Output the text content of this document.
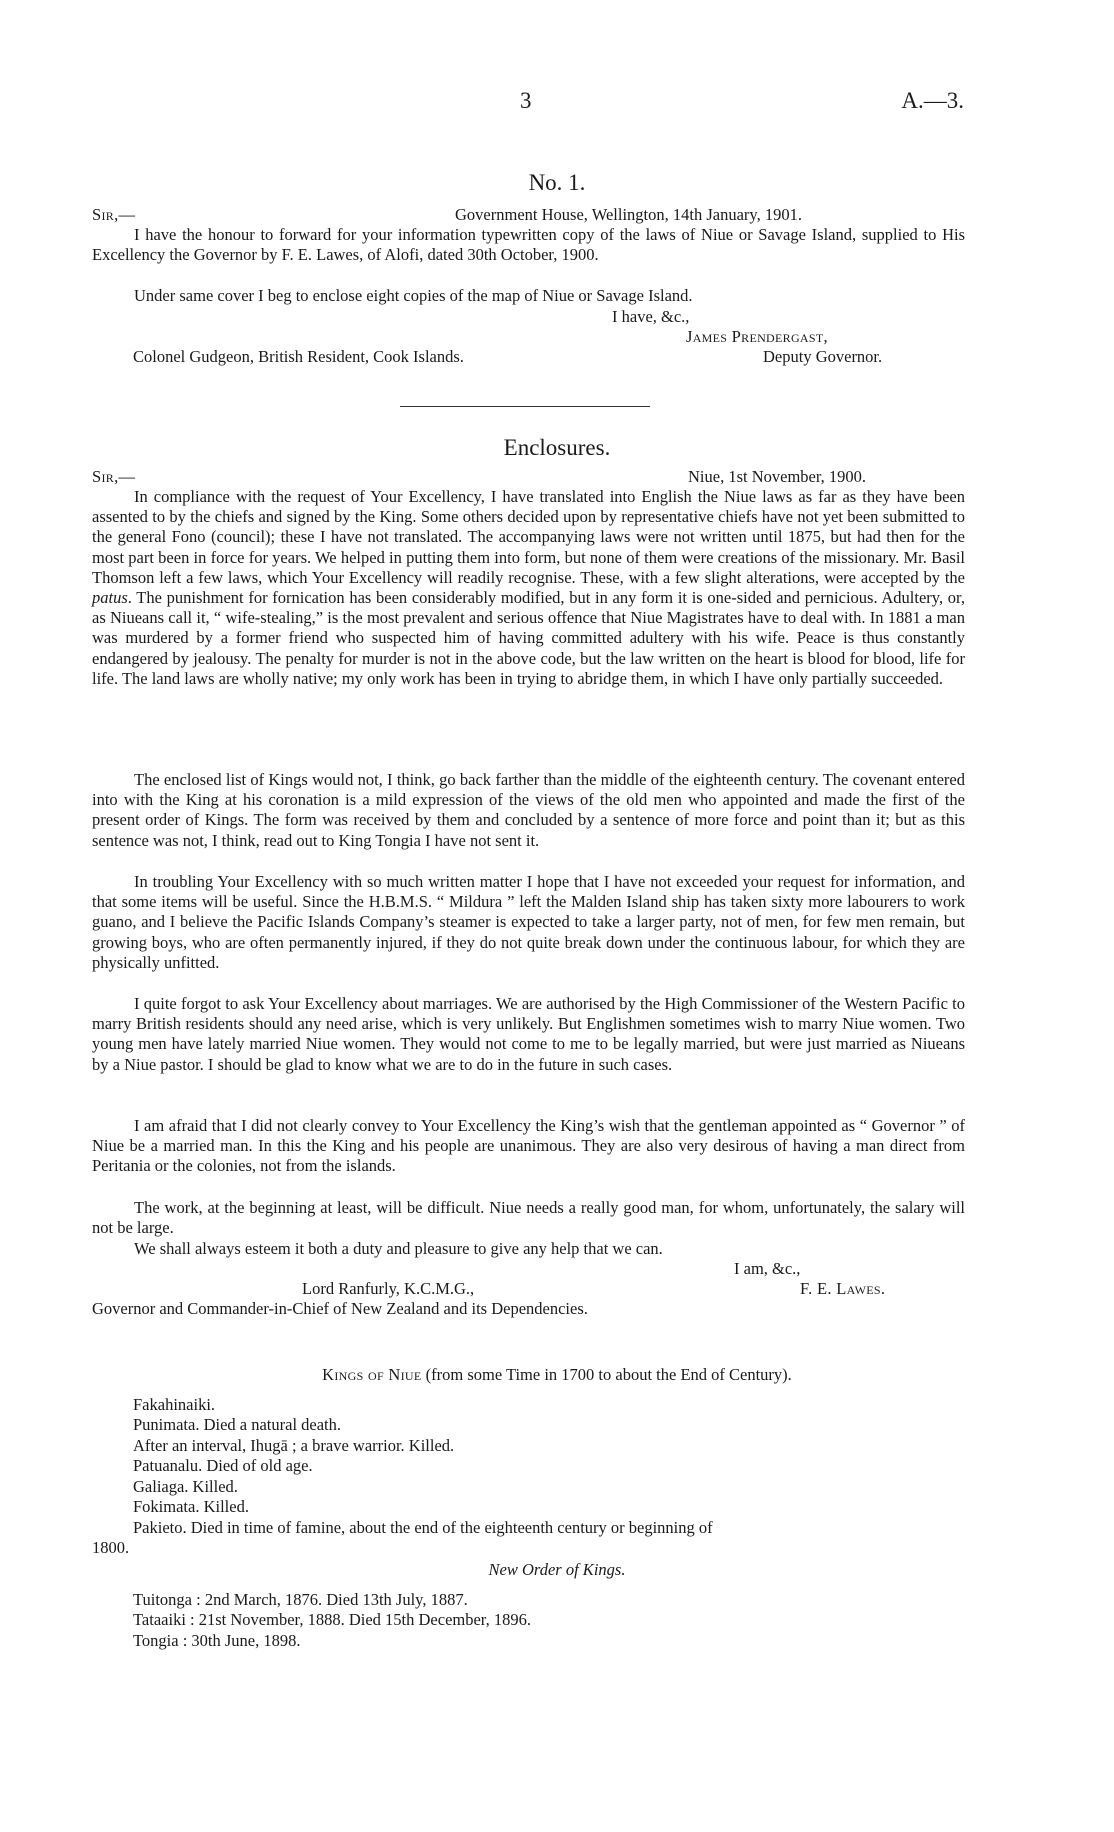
3	A.—3.
No. 1.
Sir,—	Government House, Wellington, 14th January, 1901.

I have the honour to forward for your information typewritten copy of the laws of Niue or Savage Island, supplied to His Excellency the Governor by F. E. Lawes, of Alofi, dated 30th October, 1900.

Under same cover I beg to enclose eight copies of the map of Niue or Savage Island.

I have, &c.,
James Prendergast,
Colonel Gudgeon, British Resident, Cook Islands.	Deputy Governor.
Enclosures.
Sir,—	Niue, 1st November, 1900.

In compliance with the request of Your Excellency, I have translated into English the Niue laws as far as they have been assented to by the chiefs and signed by the King. Some others decided upon by representative chiefs have not yet been submitted to the general Fono (council); these I have not translated. The accompanying laws were not written until 1875, but had then for the most part been in force for years. We helped in putting them into form, but none of them were creations of the missionary. Mr. Basil Thomson left a few laws, which Your Excellency will readily recognise. These, with a few slight alterations, were accepted by the patus. The punishment for fornication has been considerably modified, but in any form it is one-sided and pernicious. Adultery, or, as Niueans call it, “ wife-stealing,” is the most prevalent and serious offence that Niue Magistrates have to deal with. In 1881 a man was murdered by a former friend who suspected him of having committed adultery with his wife. Peace is thus constantly endangered by jealousy. The penalty for murder is not in the above code, but the law written on the heart is blood for blood, life for life. The land laws are wholly native; my only work has been in trying to abridge them, in which I have only partially succeeded.

The enclosed list of Kings would not, I think, go back farther than the middle of the eighteenth century. The covenant entered into with the King at his coronation is a mild expression of the views of the old men who appointed and made the first of the present order of Kings. The form was received by them and concluded by a sentence of more force and point than it; but as this sentence was not, I think, read out to King Tongia I have not sent it.

In troubling Your Excellency with so much written matter I hope that I have not exceeded your request for information, and that some items will be useful. Since the H.B.M.S. “ Mildura ” left the Malden Island ship has taken sixty more labourers to work guano, and I believe the Pacific Islands Company’s steamer is expected to take a larger party, not of men, for few men remain, but growing boys, who are often permanently injured, if they do not quite break down under the continuous labour, for which they are physically unfitted.

I quite forgot to ask Your Excellency about marriages. We are authorised by the High Commissioner of the Western Pacific to marry British residents should any need arise, which is very unlikely. But Englishmen sometimes wish to marry Niue women. Two young men have lately married Niue women. They would not come to me to be legally married, but were just married as Niueans by a Niue pastor. I should be glad to know what we are to do in the future in such cases.

I am afraid that I did not clearly convey to Your Excellency the King’s wish that the gentleman appointed as “ Governor ” of Niue be a married man. In this the King and his people are unanimous. They are also very desirous of having a man direct from Peritania or the colonies, not from the islands.

The work, at the beginning at least, will be difficult. Niue needs a really good man, for whom, unfortunately, the salary will not be large.

We shall always esteem it both a duty and pleasure to give any help that we can.

I am, &c.,
Lord Ranfurly, K.C.M.G.,	F. E. Lawes.
Governor and Commander-in-Chief of New Zealand and its Dependencies.
Kings of Niue (from some Time in 1700 to about the End of Century).
Fakahinaiki.
Punimata. Died a natural death.
After an interval, Ihugā ; a brave warrior. Killed.
Patuanalu. Died of old age.
Galiaga. Killed.
Fokimata. Killed.
Pakieto. Died in time of famine, about the end of the eighteenth century or beginning of
1800.
New Order of Kings.
Tuitonga : 2nd March, 1876. Died 13th July, 1887.
Tataaiki : 21st November, 1888. Died 15th December, 1896.
Tongia : 30th June, 1898.
